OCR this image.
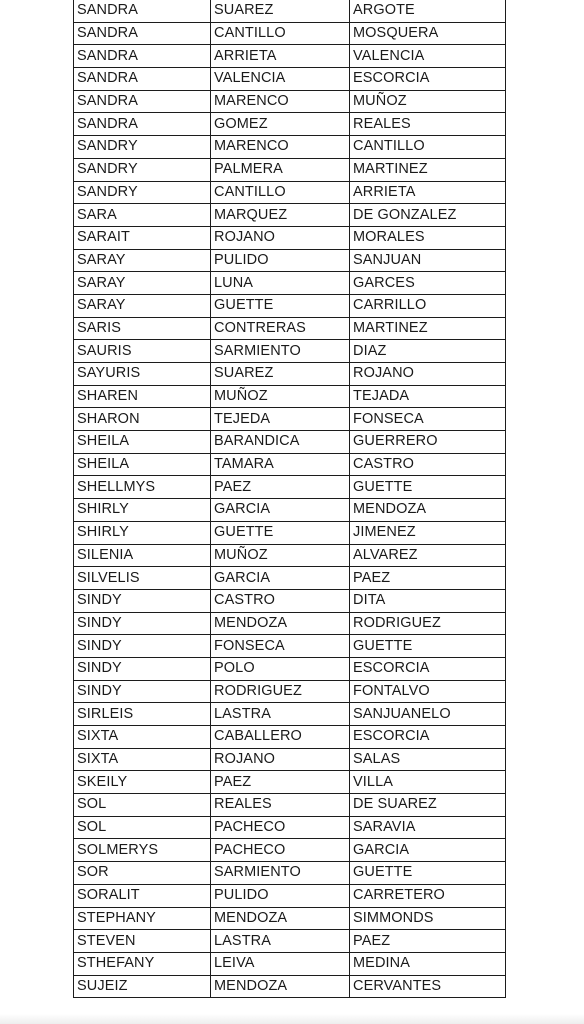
SANDRA	SUAREZ	ARGOTE
SANDRA	CANTILLO	MOSQUERA
SANDRA	ARRIETA	VALENCIA
SANDRA	VALENCIA	ESCORCIA
SANDRA	MARENCO	MUÑOZ
SANDRA	GOMEZ	REALES
SANDRY	MARENCO	CANTILLO
SANDRY	PALMERA	MARTINEZ
SANDRY	CANTILLO	ARRIETA
SARA	MARQUEZ	DE GONZALEZ
SARAIT	ROJANO	MORALES
SARAY	PULIDO	SANJUAN
SARAY	LUNA	GARCES
SARAY	GUETTE	CARRILLO
SARIS	CONTRERAS	MARTINEZ
SAURIS	SARMIENTO	DIAZ
SAYURIS	SUAREZ	ROJANO
SHAREN	MUÑOZ	TEJADA
SHARON	TEJEDA	FONSECA
SHEILA	BARANDICA	GUERRERO
SHEILA	TAMARA	CASTRO
SHELLMYS	PAEZ	GUETTE
SHIRLY	GARCIA	MENDOZA
SHIRLY	GUETTE	JIMENEZ
SILENIA	MUÑOZ	ALVAREZ
SILVELIS	GARCIA	PAEZ
SINDY	CASTRO	DITA
SINDY	MENDOZA	RODRIGUEZ
SINDY	FONSECA	GUETTE
SINDY	POLO	ESCORCIA
SINDY	RODRIGUEZ	FONTALVO
SIRLEIS	LASTRA	SANJUANELO
SIXTA	CABALLERO	ESCORCIA
SIXTA	ROJANO	SALAS
SKEILY	PAEZ	VILLA
SOL	REALES	DE SUAREZ
SOL	PACHECO	SARAVIA
SOLMERYS	PACHECO	GARCIA
SOR	SARMIENTO	GUETTE
SORALIT	PULIDO	CARRETERO
STEPHANY	MENDOZA	SIMMONDS
STEVEN	LASTRA	PAEZ
STHEFANY	LEIVA	MEDINA
SUJEIZ	MENDOZA	CERVANTES
